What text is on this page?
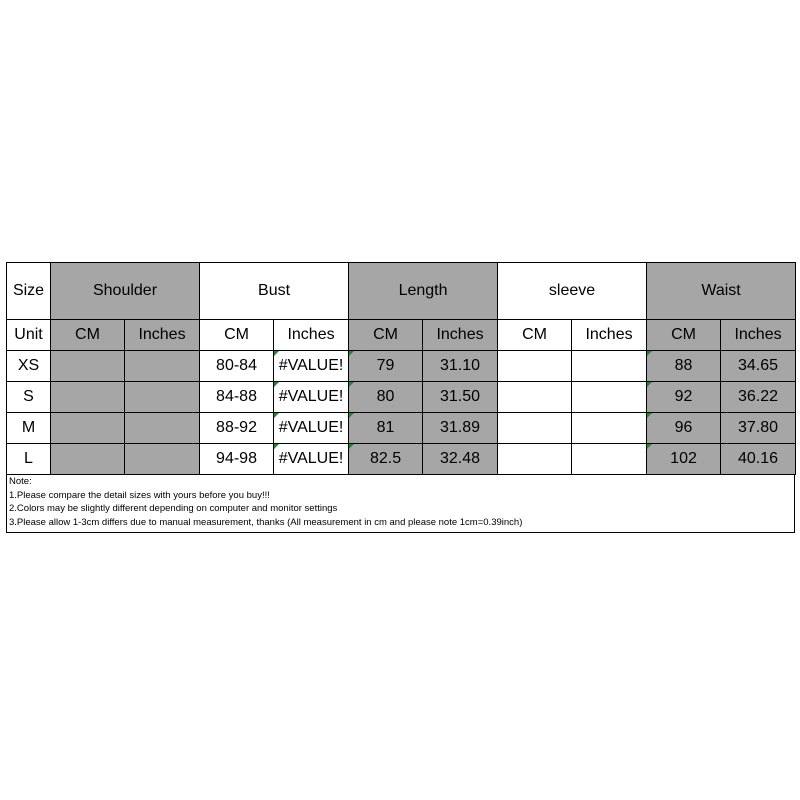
Size	Shoulder		Bust		Length		sleeve		Waist	
Unit	CM	Inches	CM	Inches	CM	Inches	CM	Inches	CM	Inches
XS			80-84	#VALUE!	79	31.10			88	34.65
S			84-88	#VALUE!	80	31.50			92	36.22
M			88-92	#VALUE!	81	31.89			96	37.80
L			94-98	#VALUE!	82.5	32.48			102	40.16
Note:
1.Please compare the detail sizes with yours before you buy!!!
2.Colors may be slightly different depending on computer and monitor settings
3.Please allow 1-3cm differs due to manual measurement, thanks (All measurement in cm and please note 1cm=0.39inch)
